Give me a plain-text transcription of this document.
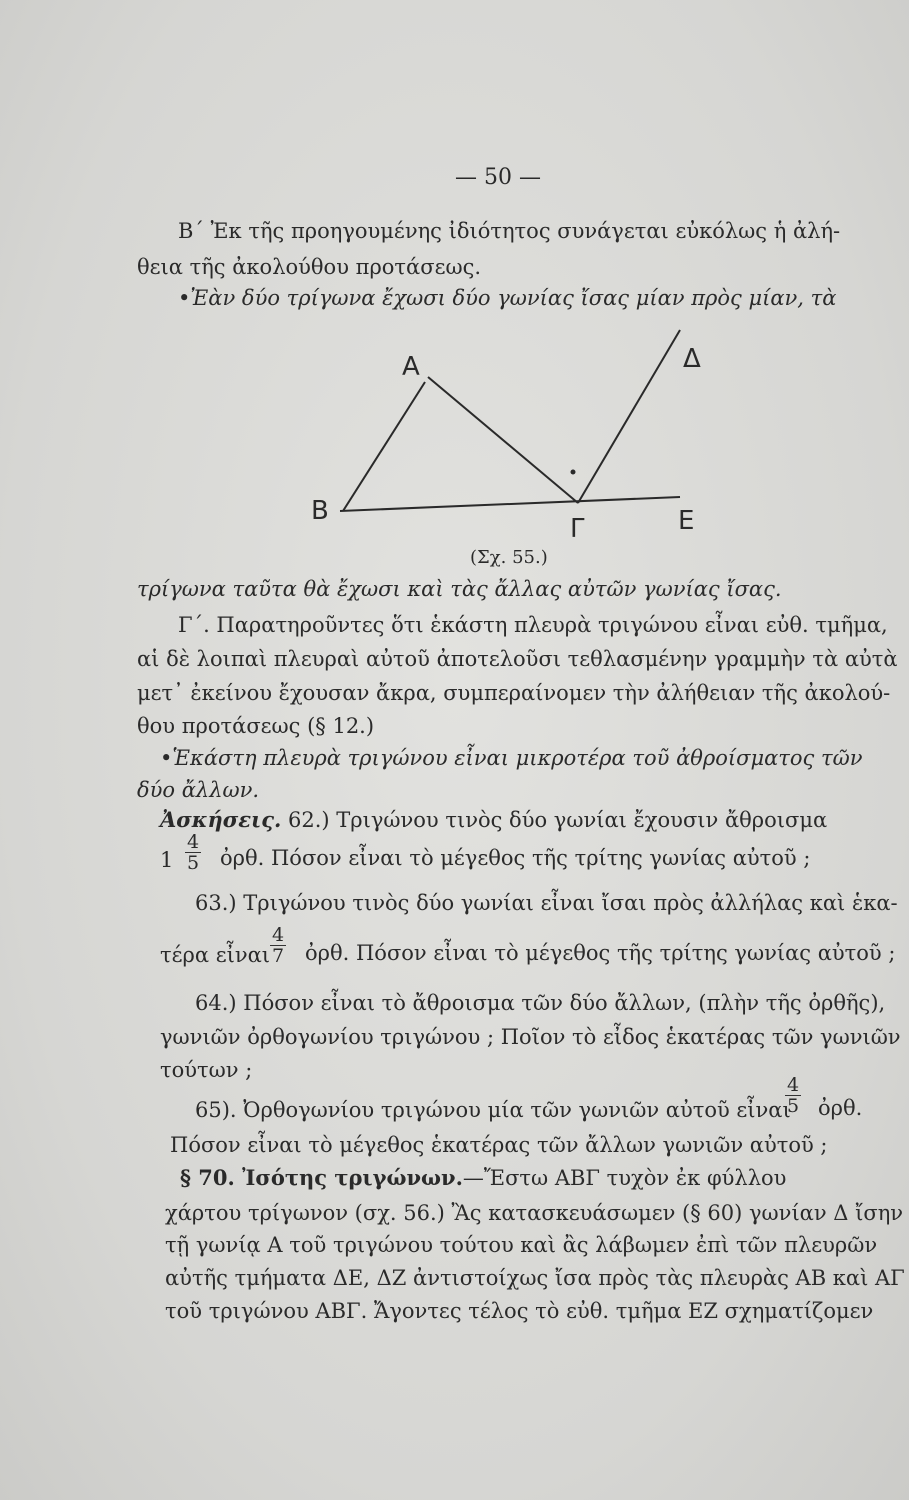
— 50 —
Β΄ Ἐκ τῆς προηγουμένης ἰδιότητος συνάγεται εὐκόλως ἡ ἀλή-
θεια τῆς ἀκολούθου προτάσεως.
•Ἐὰν δύο τρίγωνα ἔχωσι δύο γωνίας ἴσας μίαν πρὸς μίαν, τὰ
Α
Β
Γ
Δ
Ε
(Σχ. 55.)
τρίγωνα ταῦτα θὰ ἔχωσι καὶ τὰς ἄλλας αὐτῶν γωνίας ἴσας.
Γ΄. Παρατηροῦντες ὅτι ἑκάστη πλευρὰ τριγώνου εἶναι εὐθ. τμῆμα,
αἱ δὲ λοιπαὶ πλευραὶ αὐτοῦ ἀποτελοῦσι τεθλασμένην γραμμὴν τὰ αὐτὰ
μετ᾽ ἐκείνου ἔχουσαν ἄκρα, συμπεραίνομεν τὴν ἀλήθειαν τῆς ἀκολού-
θου προτάσεως (§ 12.)
•Ἑκάστη πλευρὰ τριγώνου εἶναι μικροτέρα τοῦ ἀθροίσματος τῶν
δύο ἄλλων.
Ἀσκήσεις. 62.) Τριγώνου τινὸς δύο γωνίαι ἔχουσιν ἄθροισμα
$1 \frac{4}{5}$ ὀρθ. Πόσον εἶναι τὸ μέγεθος τῆς τρίτης γωνίας αὐτοῦ ;
63.) Τριγώνου τινὸς δύο γωνίαι εἶναι ἴσαι πρὸς ἀλλήλας καὶ ἑκα-
τέρα εἶναι $\frac{4}{7}$ ὀρθ. Πόσον εἶναι τὸ μέγεθος τῆς τρίτης γωνίας αὐτοῦ ;
64.) Πόσον εἶναι τὸ ἄθροισμα τῶν δύο ἄλλων, (πλὴν τῆς ὀρθῆς),
γωνιῶν ὀρθογωνίου τριγώνου ; Ποῖον τὸ εἶδος ἑκατέρας τῶν γωνιῶν
τούτων ;
65). Ὀρθογωνίου τριγώνου μία τῶν γωνιῶν αὐτοῦ εἶναι
$\frac{4}{5}$ ὀρθ.
Πόσον εἶναι τὸ μέγεθος ἑκατέρας τῶν ἄλλων γωνιῶν αὐτοῦ ;
§ 70. Ἰσότης τριγώνων.—Ἔστω ΑΒΓ τυχὸν ἐκ φύλλου
χάρτου τρίγωνον (σχ. 56.) Ἂς κατασκευάσωμεν (§ 60) γωνίαν Δ ἴσην
τῇ γωνίᾳ Α τοῦ τριγώνου τούτου καὶ ἂς λάβωμεν ἐπὶ τῶν πλευρῶν
αὐτῆς τμήματα ΔΕ, ΔΖ ἀντιστοίχως ἴσα πρὸς τὰς πλευρὰς ΑΒ καὶ ΑΓ
τοῦ τριγώνου ΑΒΓ. Ἄγοντες τέλος τὸ εὐθ. τμῆμα ΕΖ σχηματίζομεν
